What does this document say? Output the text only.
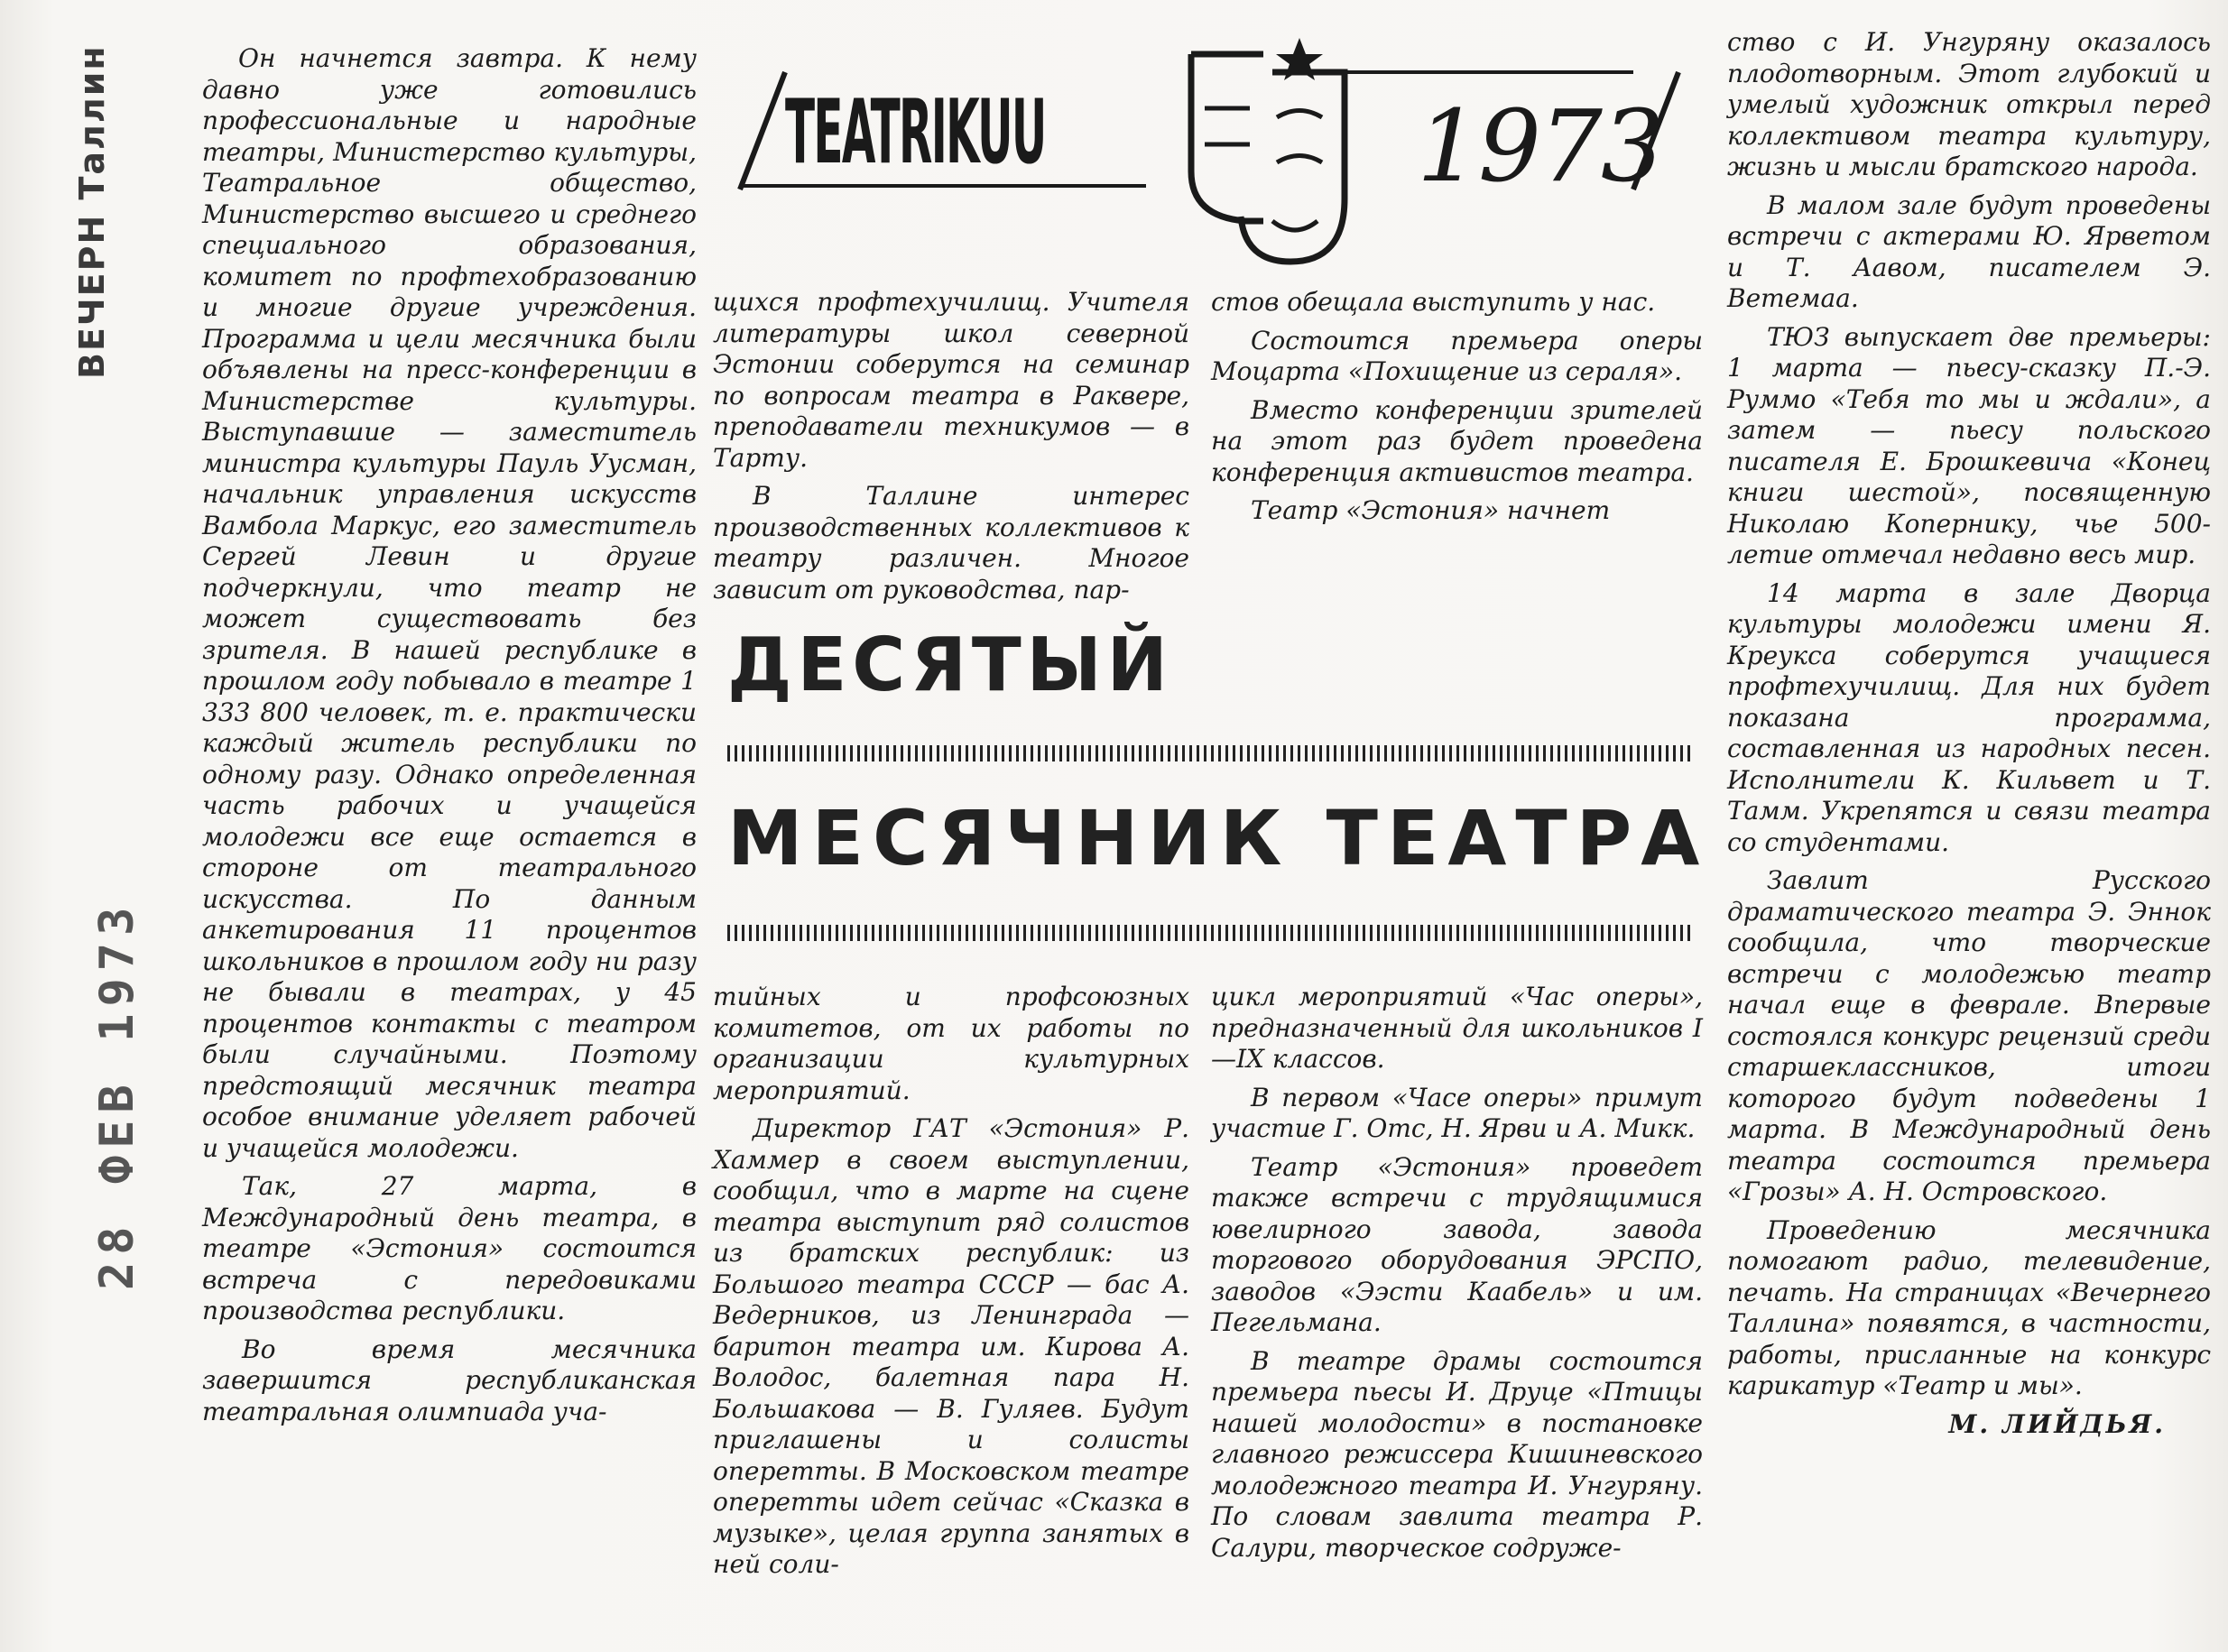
ВЕЧЕРН Таллин
28 ФЕВ 1973
TEATRIKUU	1973
ДЕСЯТЫЙ
МЕСЯЧНИК ТЕАТРА

Он начнется завтра. К нему давно уже готовились профессиональные и народные театры, Министерство культуры, Театральное общество, Министерство высшего и среднего специального образования, комитет по профтехобразованию и многие другие учреждения. Программа и цели месячника были объявлены на пресс-конференции в Министерстве культуры. Выступавшие — заместитель министра культуры Пауль Уусман, начальник управления искусств Вамбола Маркус, его заместитель Сергей Левин и другие подчеркнули, что театр не может существовать без зрителя. В нашей республике в прошлом году побывало в театре 1 333 800 человек, т. е. практически каждый житель республики по одному разу. Однако определенная часть рабочих и учащейся молодежи все еще остается в стороне от театрального искусства. По данным анкетирования 11 процентов школьников в прошлом году ни разу не бывали в театрах, у 45 процентов контакты с театром были случайными. Поэтому предстоящий месячник театра особое внимание уделяет рабочей и учащейся молодежи.

Так, 27 марта, в Международный день театра, в театре «Эстония» состоится встреча с передовиками производства республики.

Во время месячника завершится республиканская театральная олимпиада уча-

щихся профтехучилищ. Учителя литературы школ северной Эстонии соберутся на семинар по вопросам театра в Раквере, преподаватели техникумов — в Тарту.

В Таллине интерес производственных коллективов к театру различен. Многое зависит от руководства, пар-

стов обещала выступить у нас.

Состоится премьера оперы Моцарта «Похищение из сераля».

Вместо конференции зрителей на этот раз будет проведена конференция активистов театра.

Театр «Эстония» начнет

тийных и профсоюзных комитетов, от их работы по организации культурных мероприятий.

Директор ГАТ «Эстония» Р. Хаммер в своем выступлении, сообщил, что в марте на сцене театра выступит ряд солистов из братских республик: из Большого театра СССР — бас А. Ведерников, из Ленинграда — баритон театра им. Кирова А. Володос, балетная пара Н. Большакова — В. Гуляев. Будут приглашены и солисты оперетты. В Московском театре оперетты идет сейчас «Сказка в музыке», целая группа занятых в ней соли-

цикл мероприятий «Час оперы», предназначенный для школьников I—IX классов.

В первом «Часе оперы» примут участие Г. Отс, Н. Ярви и А. Микк.

Театр «Эстония» проведет также встречи с трудящимися ювелирного завода, завода торгового оборудования ЭРСПО, заводов «Ээсти Каабель» и им. Пегельмана.

В театре драмы состоится премьера пьесы И. Друце «Птицы нашей молодости» в постановке главного режиссера Кишиневского молодежного театра И. Унгуряну. По словам завлита театра Р. Салури, творческое содруже-

ство с И. Унгуряну оказалось плодотворным. Этот глубокий и умелый художник открыл перед коллективом театра культуру, жизнь и мысли братского народа.

В малом зале будут проведены встречи с актерами Ю. Ярветом и Т. Аавом, писателем Э. Ветемаа.

ТЮЗ выпускает две премьеры: 1 марта — пьесу-сказку П.-Э. Руммо «Тебя то мы и ждали», а затем — пьесу польского писателя Е. Брошкевича «Конец книги шестой», посвященную Николаю Копернику, чье 500-летие отмечал недавно весь мир.

14 марта в зале Дворца культуры молодежи имени Я. Креукса соберутся учащиеся профтехучилищ. Для них будет показана программа, составленная из народных песен. Исполнители К. Кильвет и Т. Тамм. Укрепятся и связи театра со студентами.

Завлит Русского драматического театра Э. Эннок сообщила, что творческие встречи с молодежью театр начал еще в феврале. Впервые состоялся конкурс рецензий среди старшеклассников, итоги которого будут подведены 1 марта. В Международный день театра состоится премьера «Грозы» А. Н. Островского.

Проведению месячника помогают радио, телевидение, печать. На страницах «Вечернего Таллина» появятся, в частности, работы, присланные на конкурс карикатур «Театр и мы».

М. ЛИЙДЬЯ.
